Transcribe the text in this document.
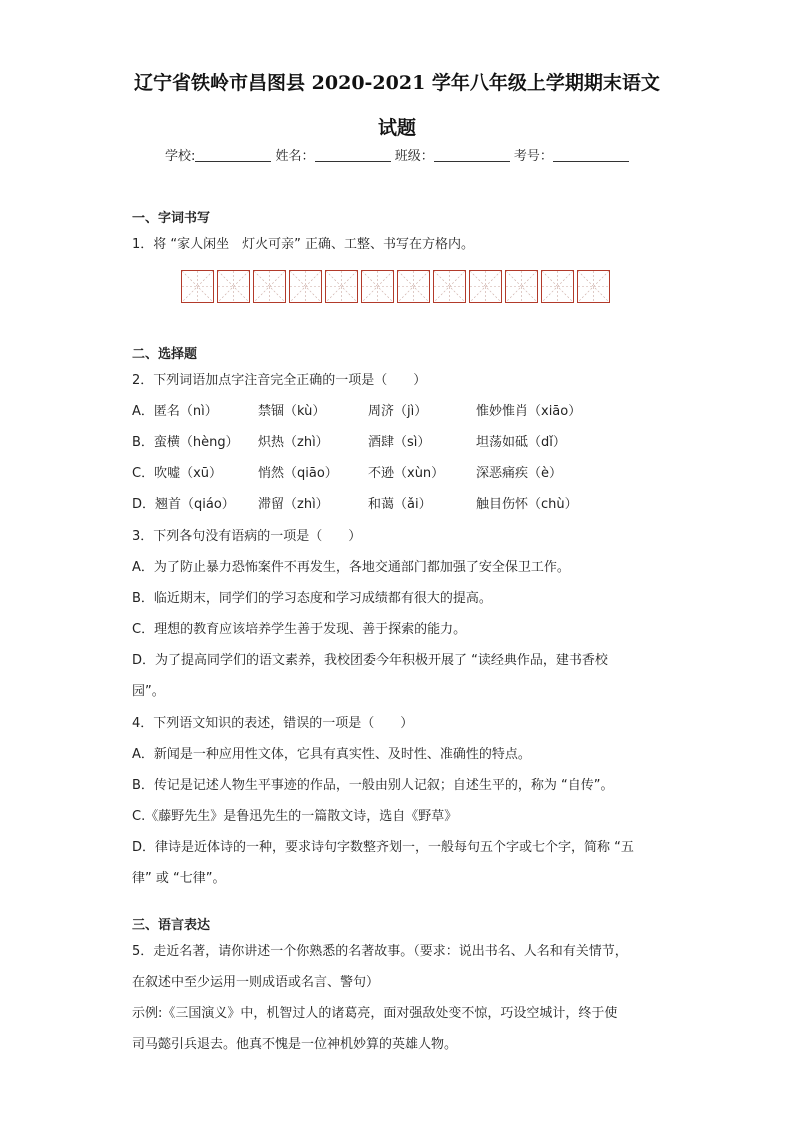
辽宁省铁岭市昌图县 2020-2021 学年八年级上学期期末语文
试题
学校:	姓名：	班级：	考号：
一、字词书写
1．将 “家人闲坐　灯火可亲” 正确、工整、书写在方格内。
二、选择题
2．下列词语加点字注音完全正确的一项是（　　）
A．匿名（nì）	禁锢（kù）	周济（jì）	惟妙惟肖（xiāo）
B．蛮横（hèng） 炽热（zhì）	酒肆（sì）	坦荡如砥（dǐ）
C．吹嘘（xū）	悄然（qiāo） 不逊（xùn） 深恶痛疾（è）
D．翘首（qiáo） 滞留（zhì）	和蔼（ǎi）	触目伤怀（chù）
3．下列各句没有语病的一项是（　　）
A．为了防止暴力恐怖案件不再发生，各地交通部门都加强了安全保卫工作。
B．临近期末，同学们的学习态度和学习成绩都有很大的提高。
C．理想的教育应该培养学生善于发现、善于探索的能力。
D．为了提高同学们的语文素养，我校团委今年积极开展了 “读经典作品，建书香校
园”。
4．下列语文知识的表述，错误的一项是（　　）
A．新闻是一种应用性文体，它具有真实性、及时性、准确性的特点。
B．传记是记述人物生平事迹的作品，一般由别人记叙；自述生平的，称为 “自传”。
C.《藤野先生》是鲁迅先生的一篇散文诗，选自《野草》
D．律诗是近体诗的一种，要求诗句字数整齐划一，一般每句五个字或七个字，简称 “五
律” 或 “七律”。
三、语言表达
5．走近名著，请你讲述一个你熟悉的名著故事。（要求：说出书名、人名和有关情节，
在叙述中至少运用一则成语或名言、警句）
示例:《三国演义》中，机智过人的诸葛亮，面对强敌处变不惊，巧设空城计，终于使
司马懿引兵退去。他真不愧是一位神机妙算的英雄人物。
